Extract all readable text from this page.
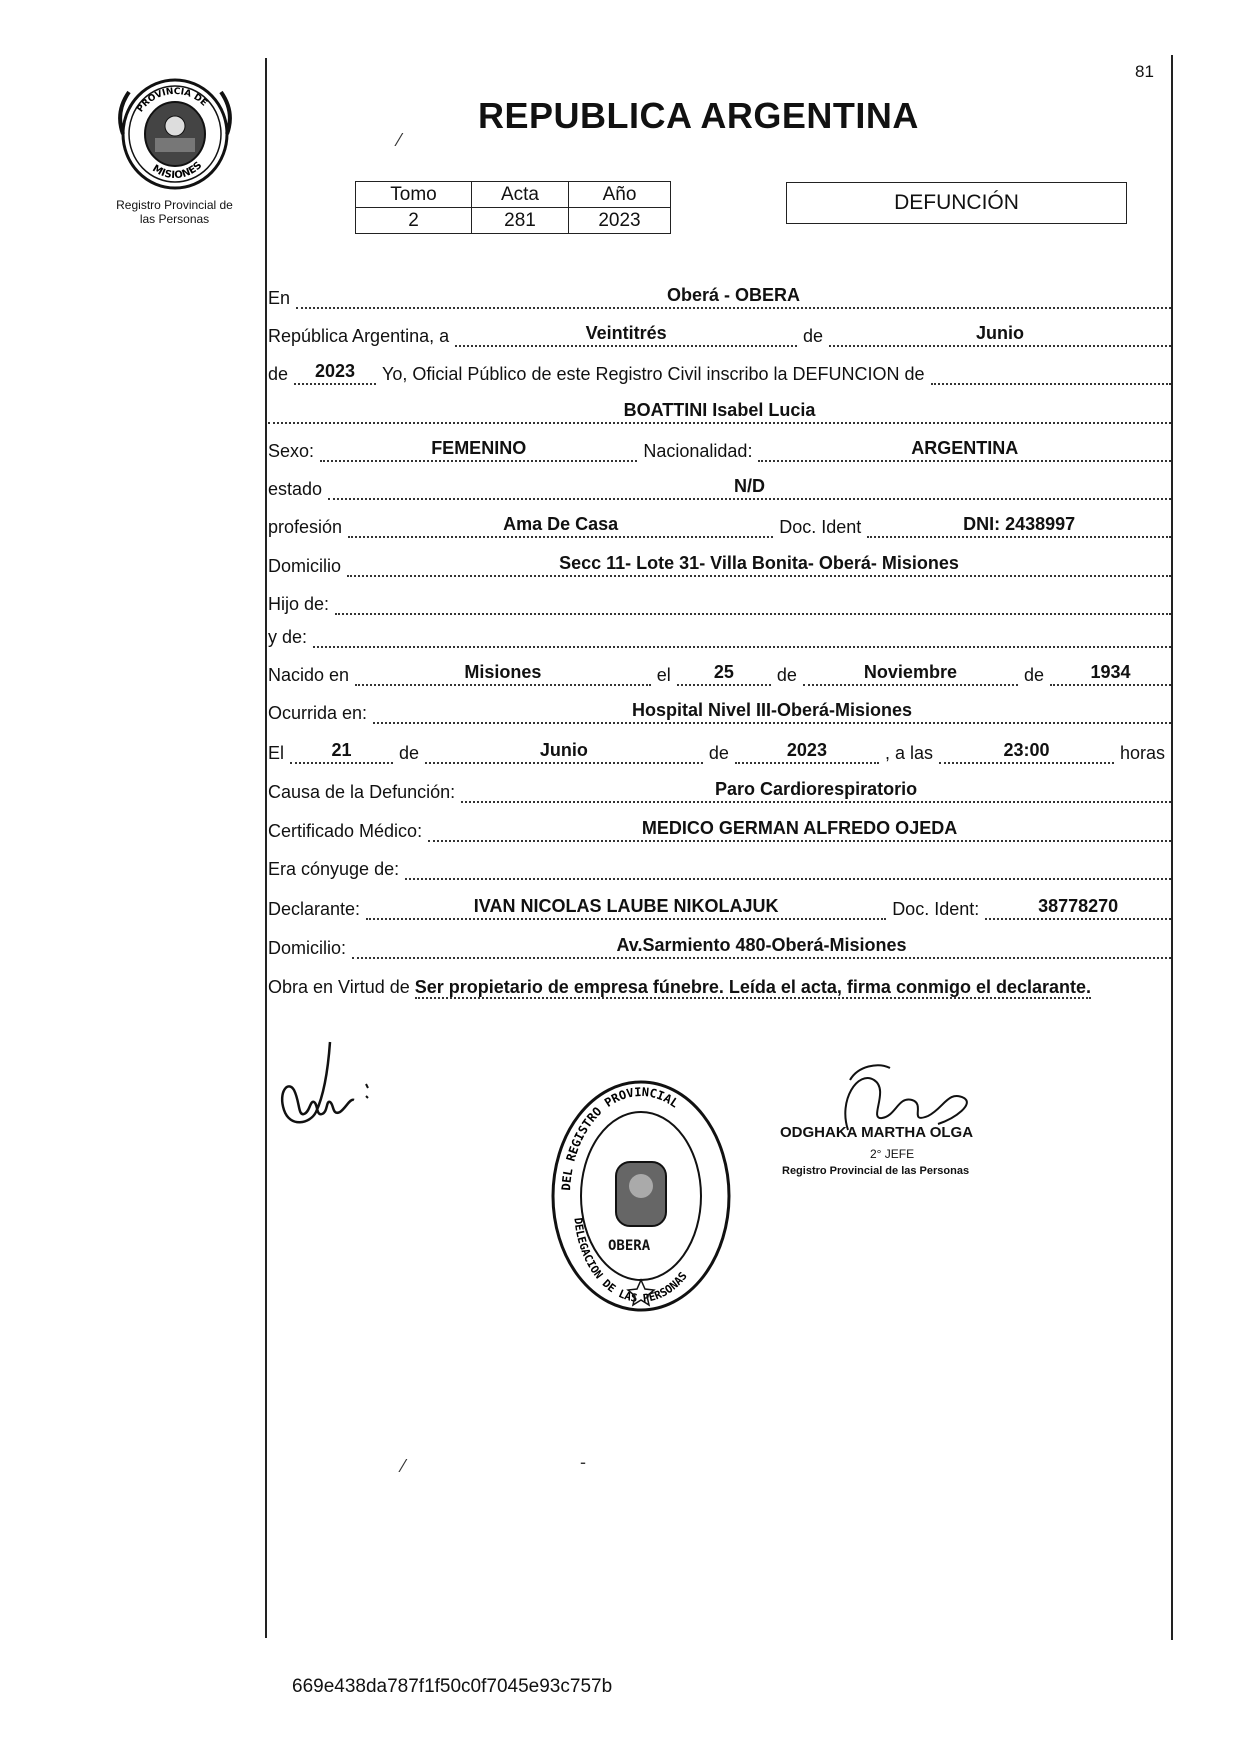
PROVINCIA DE
MISIONES
Registro Provincial de
las Personas
81
⁄
REPUBLICA ARGENTINA
Tomo	Acta	Año
2	281	2023
DEFUNCIÓN
En	Oberá - OBERA
República Argentina, a	Veintitrés	de	Junio
de	2023	Yo, Oficial Público de este Registro Civil inscribo la DEFUNCION de
BOATTINI Isabel Lucia
Sexo:	FEMENINO	Nacionalidad:	ARGENTINA
estado	N/D
profesión	Ama De Casa	Doc. Ident	DNI: 2438997
Domicilio	Secc 11- Lote 31- Villa Bonita- Oberá- Misiones
Hijo de:
y de:
Nacido en	Misiones	el	25	de	Noviembre	de	1934
Ocurrida en:	Hospital Nivel III-Oberá-Misiones
El	21	de	Junio	de	2023	, a las	23:00	horas
Causa de la Defunción:	Paro Cardiorespiratorio
Certificado Médico:	MEDICO GERMAN ALFREDO OJEDA
Era cónyuge de:
Declarante:	IVAN NICOLAS LAUBE NIKOLAJUK	Doc. Ident:	38778270
Domicilio:	Av.Sarmiento 480-Oberá-Misiones
Obra en Virtud de Ser propietario de empresa fúnebre. Leída el acta, firma conmigo el declarante.
DEL REGISTRO PROVINCIAL
DELEGACION DE LAS PERSONAS
OBERA
ODGHAKA MARTHA OLGA
2° JEFE
Registro Provincial de las Personas
⁄	-
669e438da787f1f50c0f7045e93c757b
